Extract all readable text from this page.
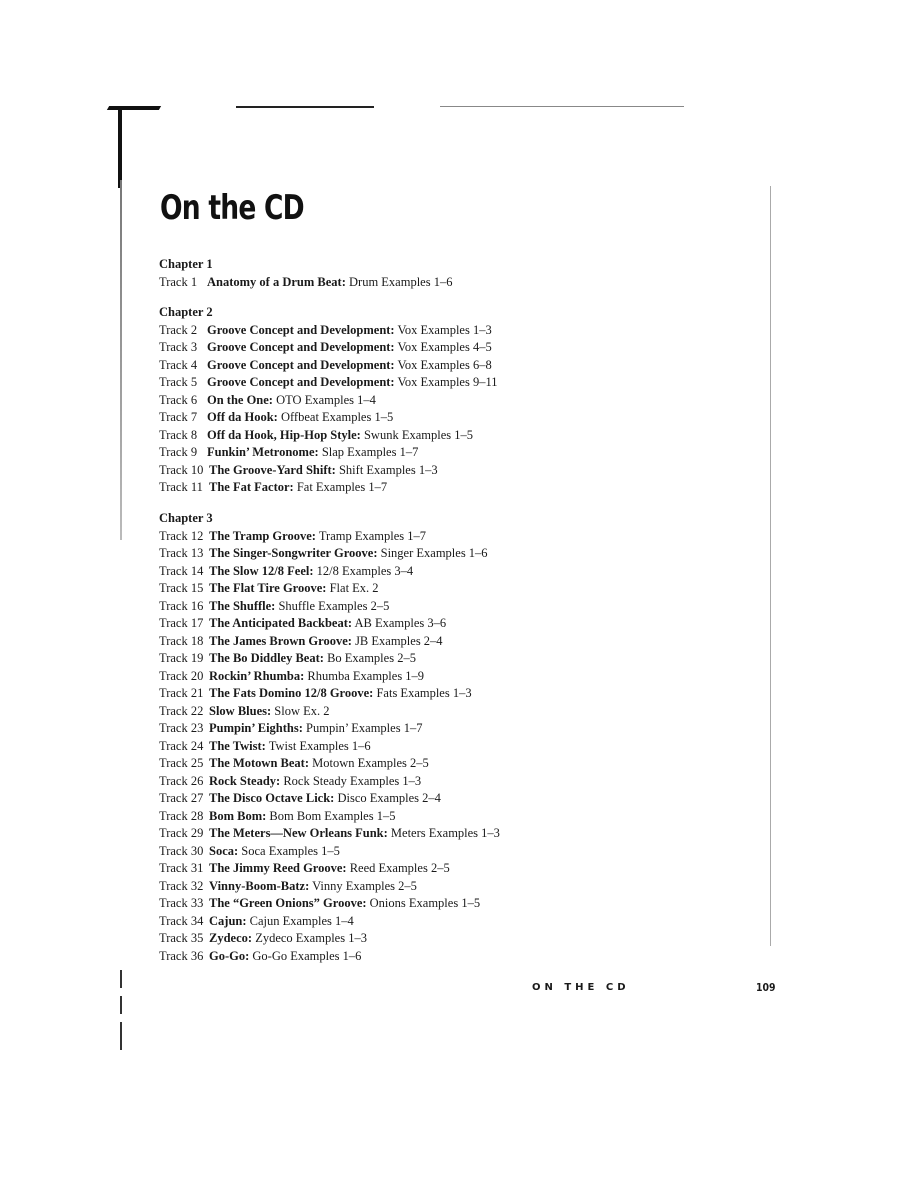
On the CD
Chapter 1
Track 1 Anatomy of a Drum Beat: Drum Examples 1–6
Chapter 2
Track 2 Groove Concept and Development: Vox Examples 1–3
Track 3 Groove Concept and Development: Vox Examples 4–5
Track 4 Groove Concept and Development: Vox Examples 6–8
Track 5 Groove Concept and Development: Vox Examples 9–11
Track 6 On the One: OTO Examples 1–4
Track 7 Off da Hook: Offbeat Examples 1–5
Track 8 Off da Hook, Hip-Hop Style: Swunk Examples 1–5
Track 9 Funkin’ Metronome: Slap Examples 1–7
Track 10 The Groove-Yard Shift: Shift Examples 1–3
Track 11 The Fat Factor: Fat Examples 1–7
Chapter 3
Track 12 The Tramp Groove: Tramp Examples 1–7
Track 13 The Singer-Songwriter Groove: Singer Examples 1–6
Track 14 The Slow 12/8 Feel: 12/8 Examples 3–4
Track 15 The Flat Tire Groove: Flat Ex. 2
Track 16 The Shuffle: Shuffle Examples 2–5
Track 17 The Anticipated Backbeat: AB Examples 3–6
Track 18 The James Brown Groove: JB Examples 2–4
Track 19 The Bo Diddley Beat: Bo Examples 2–5
Track 20 Rockin’ Rhumba: Rhumba Examples 1–9
Track 21 The Fats Domino 12/8 Groove: Fats Examples 1–3
Track 22 Slow Blues: Slow Ex. 2
Track 23 Pumpin’ Eighths: Pumpin’ Examples 1–7
Track 24 The Twist: Twist Examples 1–6
Track 25 The Motown Beat: Motown Examples 2–5
Track 26 Rock Steady: Rock Steady Examples 1–3
Track 27 The Disco Octave Lick: Disco Examples 2–4
Track 28 Bom Bom: Bom Bom Examples 1–5
Track 29 The Meters—New Orleans Funk: Meters Examples 1–3
Track 30 Soca: Soca Examples 1–5
Track 31 The Jimmy Reed Groove: Reed Examples 2–5
Track 32 Vinny-Boom-Batz: Vinny Examples 2–5
Track 33 The “Green Onions” Groove: Onions Examples 1–5
Track 34 Cajun: Cajun Examples 1–4
Track 35 Zydeco: Zydeco Examples 1–3
Track 36 Go-Go: Go-Go Examples 1–6
ON THE CD	109
